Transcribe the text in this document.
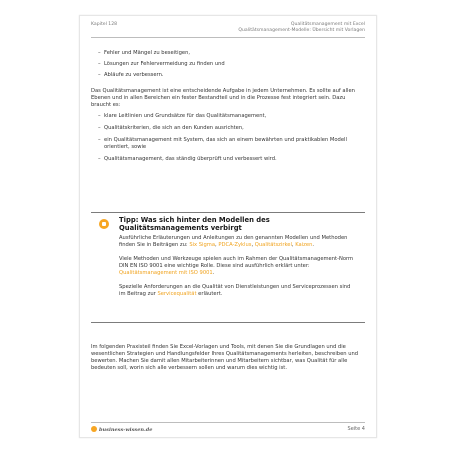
Kapitel 128	Qualitätsmanagement mit Excel
Qualitätsmanagement-Modelle: Übersicht mit Vorlagen

– Fehler und Mängel zu beseitigen,

– Lösungen zur Fehlervermeidung zu finden und

– Abläufe zu verbessern.

Das Qualitätsmanagement ist eine entscheidende Aufgabe in jedem Unternehmen. Es sollte auf allen Ebenen und in allen Bereichen ein fester Bestandteil und in die Prozesse fest integriert sein. Dazu braucht es:

– klare Leitlinien und Grundsätze für das Qualitätsmanagement,

– Qualitätskriterien, die sich an den Kunden ausrichten,

– ein Qualitätsmanagement mit System, das sich an einem bewährten und praktikablen Modell orientiert, sowie

– Qualitätsmanagement, das ständig überprüft und verbessert wird.

Tipp: Was sich hinter den Modellen des Qualitätsmanagements verbirgt

Ausführliche Erläuterungen und Anleitungen zu den genannten Modellen und Methoden finden Sie in Beiträgen zu: Six Sigma, PDCA-Zyklus, Qualitätszirkel, Kaizen.

Viele Methoden und Werkzeuge spielen auch im Rahmen der Qualitätsmanagement-Norm DIN EN ISO 9001 eine wichtige Rolle. Diese sind ausführlich erklärt unter: Qualitätsmanagement mit ISO 9001.

Spezielle Anforderungen an die Qualität von Dienstleistungen und Serviceprozessen sind im Beitrag zur Servicequalität erläutert.

Im folgenden Praxisteil finden Sie Excel-Vorlagen und Tools, mit denen Sie die Grundlagen und die wesentlichen Strategien und Handlungsfelder Ihres Qualitätsmanagements herleiten, beschreiben und bewerten. Machen Sie damit allen Mitarbeiterinnen und Mitarbeitern sichtbar, was Qualität für alle bedeuten soll, worin sich alle verbessern sollen und warum dies wichtig ist.

business-wissen.de	Seite 4
